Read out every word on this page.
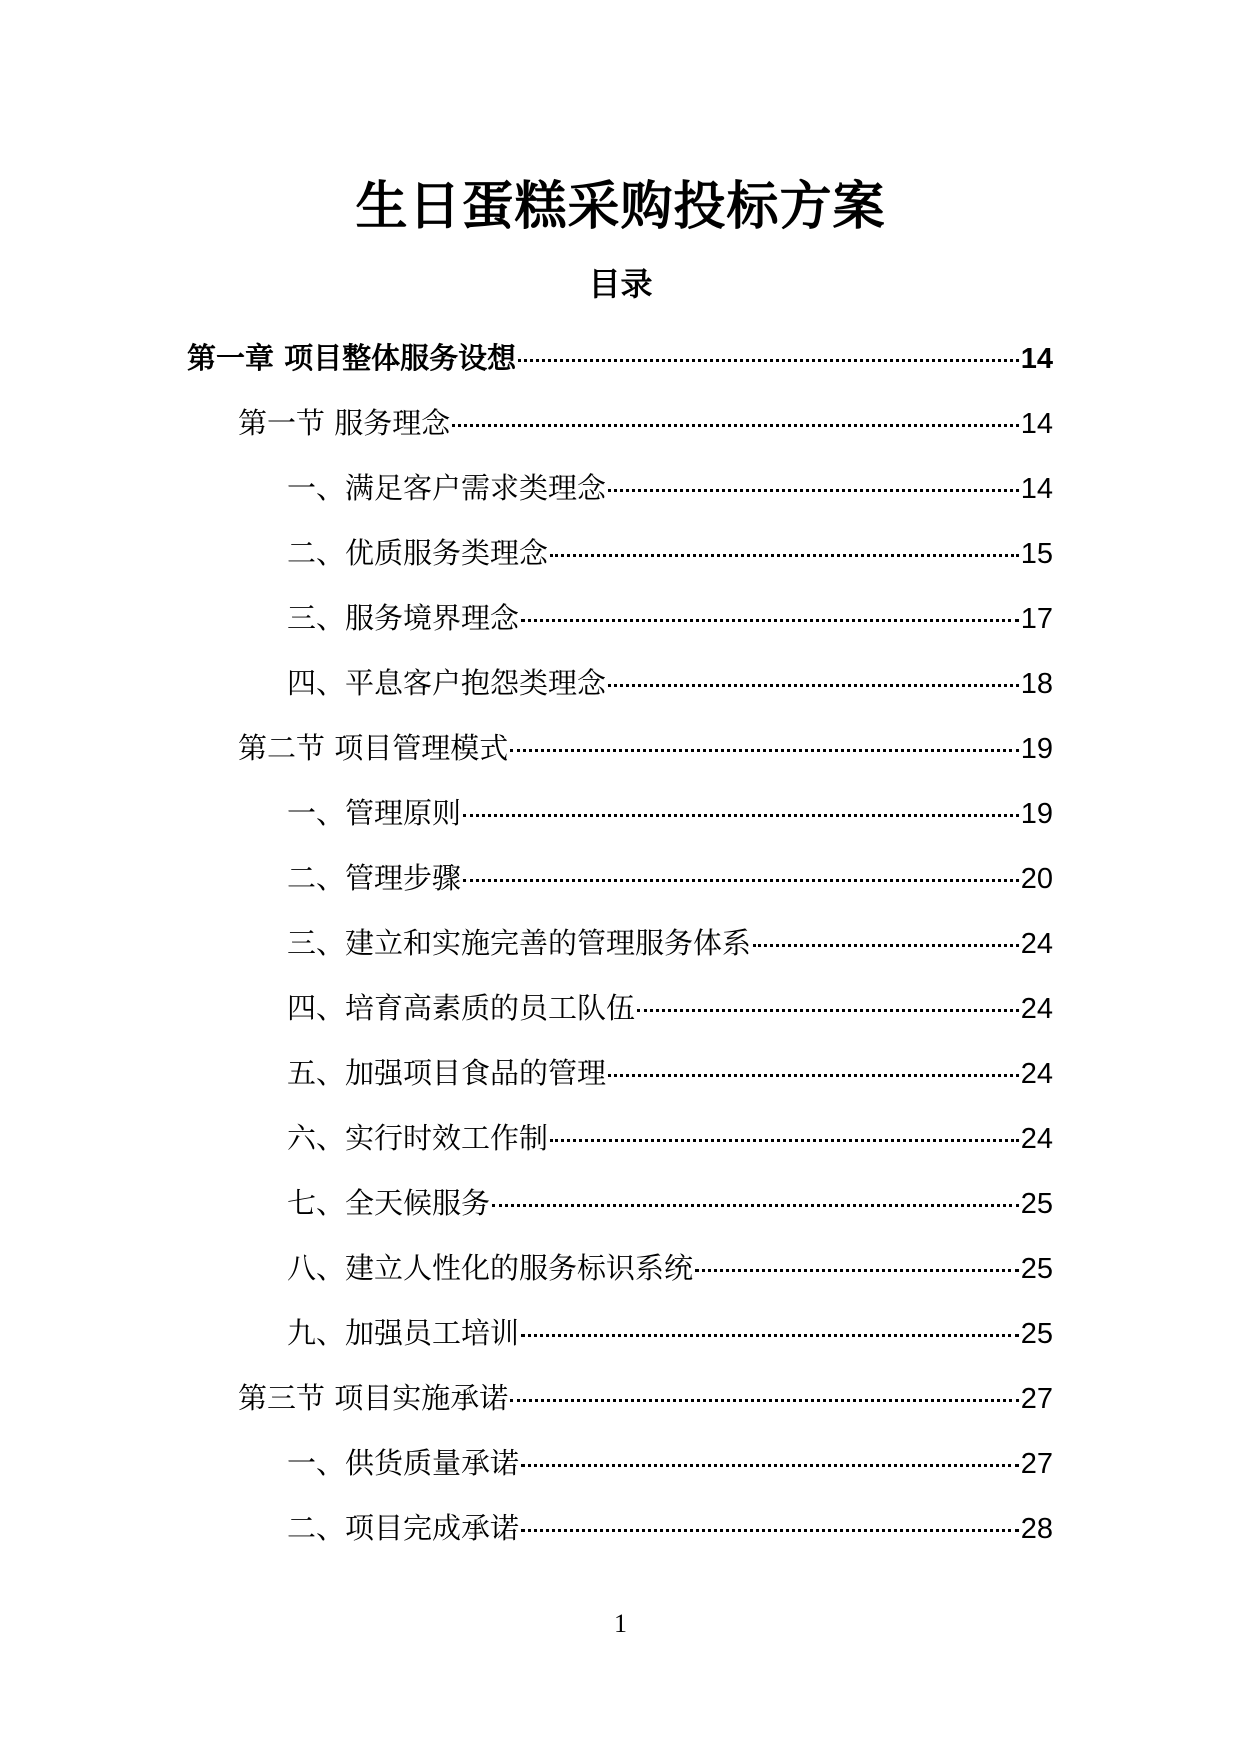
生日蛋糕采购投标方案
目录
第一章 项目整体服务设想	14
第一节 服务理念	14
一、满足客户需求类理念	14
二、优质服务类理念	15
三、服务境界理念	17
四、平息客户抱怨类理念	18
第二节 项目管理模式	19
一、管理原则	19
二、管理步骤	20
三、建立和实施完善的管理服务体系	24
四、培育高素质的员工队伍	24
五、加强项目食品的管理	24
六、实行时效工作制	24
七、全天候服务	25
八、建立人性化的服务标识系统	25
九、加强员工培训	25
第三节 项目实施承诺	27
一、供货质量承诺	27
二、项目完成承诺	28
1
